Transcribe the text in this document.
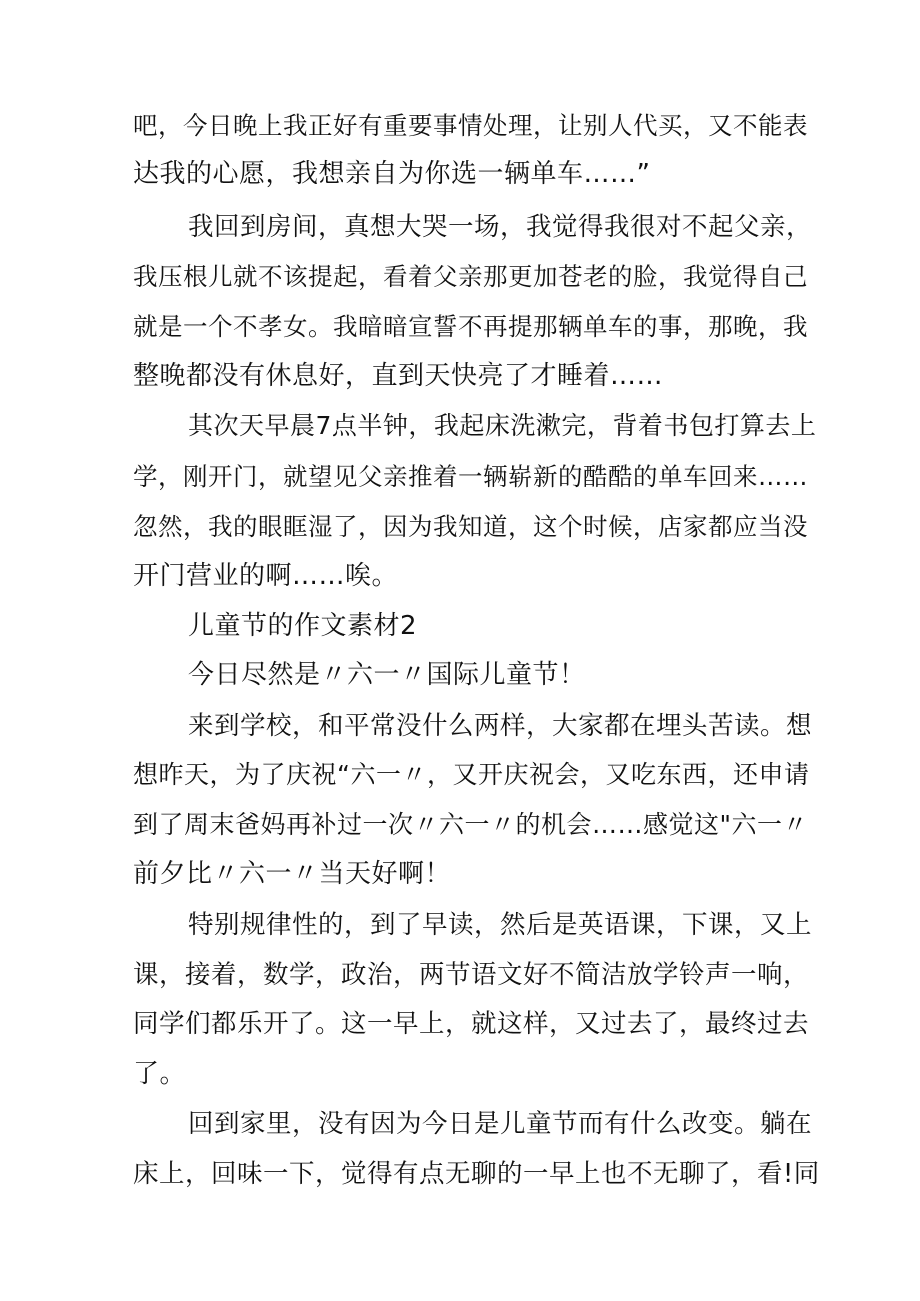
吧，今日晚上我正好有重要事情处理，让别人代买，又不能表
达我的心愿，我想亲自为你选一辆单车……”
我回到房间，真想大哭一场，我觉得我很对不起父亲，
我压根儿就不该提起，看着父亲那更加苍老的脸，我觉得自己
就是一个不孝女。我暗暗宣誓不再提那辆单车的事，那晚，我
整晚都没有休息好，直到天快亮了才睡着……
其次天早晨7点半钟，我起床洗漱完，背着书包打算去上
学，刚开门，就望见父亲推着一辆崭新的酷酷的单车回来……
忽然，我的眼眶湿了，因为我知道，这个时候，店家都应当没
开门营业的啊……唉。
儿童节的作文素材2
今日尽然是〃六一〃国际儿童节！
来到学校，和平常没什么两样，大家都在埋头苦读。想
想昨天，为了庆祝“六一〃，又开庆祝会，又吃东西，还申请
到了周末爸妈再补过一次〃六一〃的机会……感觉这"六一〃
前夕比〃六一〃当天好啊！
特别规律性的，到了早读，然后是英语课，下课，又上
课，接着，数学，政治，两节语文好不简洁放学铃声一响，
同学们都乐开了。这一早上，就这样，又过去了，最终过去
了。
回到家里，没有因为今日是儿童节而有什么改变。躺在
床上，回味一下，觉得有点无聊的一早上也不无聊了，看!同
